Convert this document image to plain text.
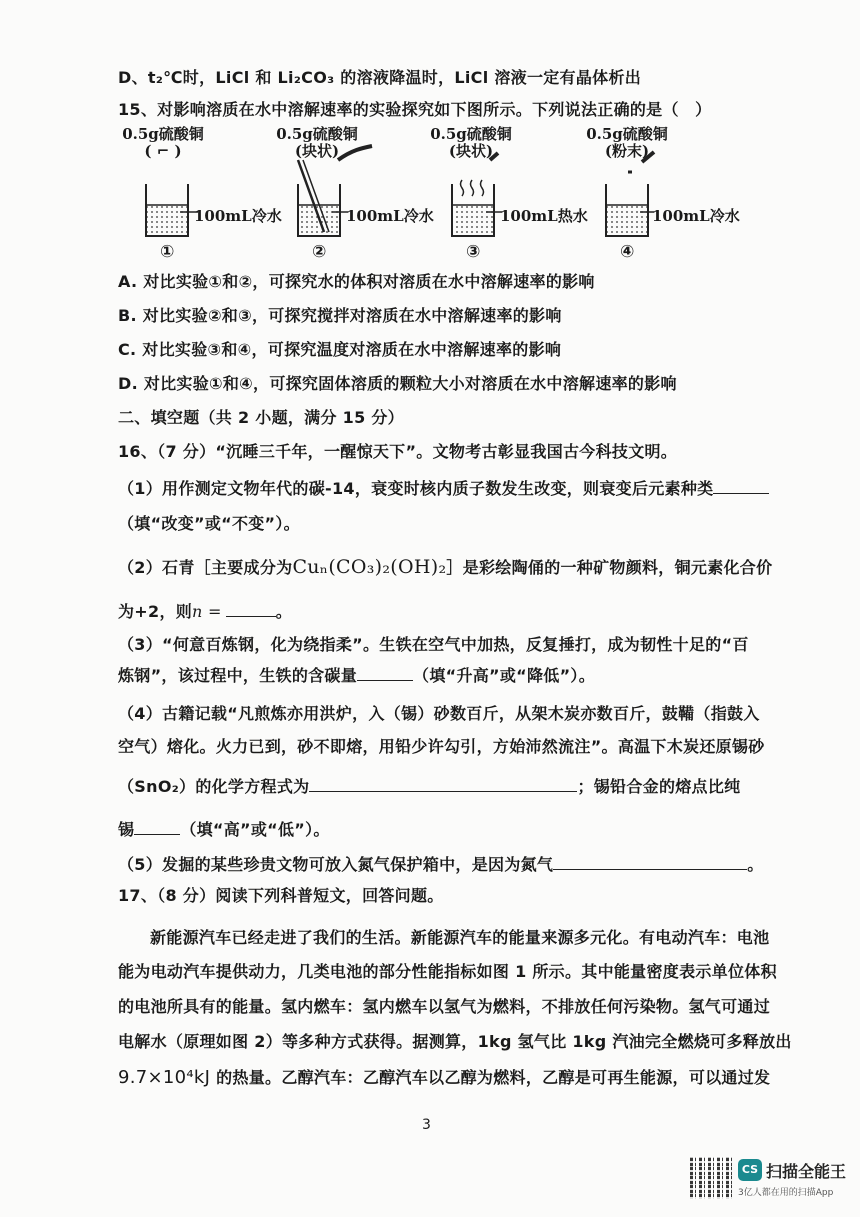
D、t₂℃时，LiCl 和 Li₂CO₃ 的溶液降温时，LiCl 溶液一定有晶体析出
15、对影响溶质在水中溶解速率的实验探究如下图所示。下列说法正确的是（　）
0.5g硫酸铜
( ⌐ )
0.5g硫酸铜
(块状)
0.5g硫酸铜
(块状)
0.5g硫酸铜
(粉末)
100mL冷水	100mL冷水	100mL热水	100mL冷水
①	②	③	④
A. 对比实验①和②，可探究水的体积对溶质在水中溶解速率的影响
B. 对比实验②和③，可探究搅拌对溶质在水中溶解速率的影响
C. 对比实验③和④，可探究温度对溶质在水中溶解速率的影响
D. 对比实验①和④，可探究固体溶质的颗粒大小对溶质在水中溶解速率的影响
二、填空题（共 2 小题，满分 15 分）
16、（7 分）“沉睡三千年，一醒惊天下”。文物考古彰显我国古今科技文明。
（1）用作测定文物年代的碳-14，衰变时核内质子数发生改变，则衰变后元素种类
（填“改变”或“不变”）。
（2）石青［主要成分为Cuₙ(CO₃)₂(OH)₂］是彩绘陶俑的一种矿物颜料，铜元素化合价
为+2，则n =	。
（3）“何意百炼钢，化为绕指柔”。生铁在空气中加热，反复捶打，成为韧性十足的“百
炼钢”，该过程中，生铁的含碳量	（填“升高”或“降低”）。
（4）古籍记载“凡煎炼亦用洪炉，入（锡）砂数百斤，从架木炭亦数百斤，鼓鞴（指鼓入
空气）熔化。火力已到，砂不即熔，用铅少许勾引，方始沛然流注”。高温下木炭还原锡砂
（SnO₂）的化学方程式为	；锡铅合金的熔点比纯
锡	（填“高”或“低”）。
（5）发掘的某些珍贵文物可放入氮气保护箱中，是因为氮气	。
17、（8 分）阅读下列科普短文，回答问题。
新能源汽车已经走进了我们的生活。新能源汽车的能量来源多元化。有电动汽车：电池
能为电动汽车提供动力，几类电池的部分性能指标如图 1 所示。其中能量密度表示单位体积
的电池所具有的能量。氢内燃车：氢内燃车以氢气为燃料，不排放任何污染物。氢气可通过
电解水（原理如图 2）等多种方式获得。据测算，1kg 氢气比 1kg 汽油完全燃烧可多释放出
9.7×10⁴kJ 的热量。乙醇汽车：乙醇汽车以乙醇为燃料，乙醇是可再生能源，可以通过发
3
CS 扫描全能王
3亿人都在用的扫描App
